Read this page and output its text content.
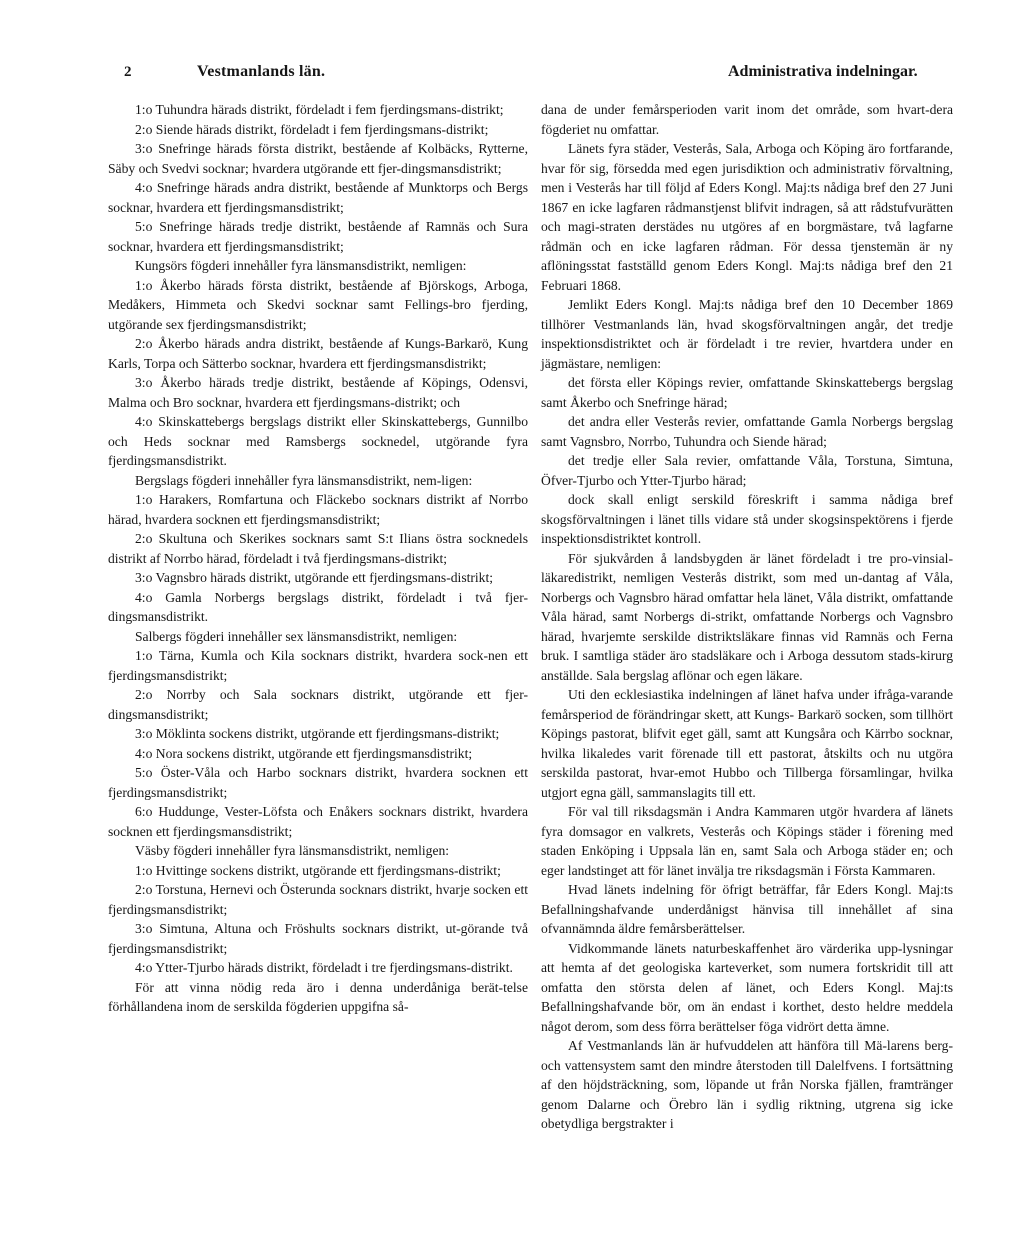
2	Vestmanlands län.	Administrativa indelningar.

1:o Tuhundra härads distrikt, fördeladt i fem fjerdingsmans-distrikt;

2:o Siende härads distrikt, fördeladt i fem fjerdingsmans-distrikt;

3:o Snefringe härads första distrikt, bestående af Kolbäcks, Rytterne, Säby och Svedvi socknar; hvardera utgörande ett fjer-dingsmansdistrikt;

4:o Snefringe härads andra distrikt, bestående af Munktorps och Bergs socknar, hvardera ett fjerdingsmansdistrikt;

5:o Snefringe härads tredje distrikt, bestående af Ramnäs och Sura socknar, hvardera ett fjerdingsmansdistrikt;

Kungsörs fögderi innehåller fyra länsmansdistrikt, nemligen:

1:o Åkerbo härads första distrikt, bestående af Björskogs, Arboga, Medåkers, Himmeta och Skedvi socknar samt Fellings-bro fjerding, utgörande sex fjerdingsmansdistrikt;

2:o Åkerbo härads andra distrikt, bestående af Kungs-Barkarö, Kung Karls, Torpa och Sätterbo socknar, hvardera ett fjerdingsmansdistrikt;

3:o Åkerbo härads tredje distrikt, bestående af Köpings, Odensvi, Malma och Bro socknar, hvardera ett fjerdingsmans-distrikt; och

4:o Skinskattebergs bergslags distrikt eller Skinskattebergs, Gunnilbo och Heds socknar med Ramsbergs socknedel, utgörande fyra fjerdingsmansdistrikt.

Bergslags fögderi innehåller fyra länsmansdistrikt, nem-ligen:

1:o Harakers, Romfartuna och Fläckebo socknars distrikt af Norrbo härad, hvardera socknen ett fjerdingsmansdistrikt;

2:o Skultuna och Skerikes socknars samt S:t Ilians östra socknedels distrikt af Norrbo härad, fördeladt i två fjerdingsmans-distrikt;

3:o Vagnsbro härads distrikt, utgörande ett fjerdingsmans-distrikt;

4:o Gamla Norbergs bergslags distrikt, fördeladt i två fjer-dingsmansdistrikt.

Salbergs fögderi innehåller sex länsmansdistrikt, nemligen:

1:o Tärna, Kumla och Kila socknars distrikt, hvardera sock-nen ett fjerdingsmansdistrikt;

2:o Norrby och Sala socknars distrikt, utgörande ett fjer-dingsmansdistrikt;

3:o Möklinta sockens distrikt, utgörande ett fjerdingsmans-distrikt;

4:o Nora sockens distrikt, utgörande ett fjerdingsmansdistrikt;

5:o Öster-Våla och Harbo socknars distrikt, hvardera socknen ett fjerdingsmansdistrikt;

6:o Huddunge, Vester-Löfsta och Enåkers socknars distrikt, hvardera socknen ett fjerdingsmansdistrikt;

Väsby fögderi innehåller fyra länsmansdistrikt, nemligen:

1:o Hvittinge sockens distrikt, utgörande ett fjerdingsmans-distrikt;

2:o Torstuna, Hernevi och Österunda socknars distrikt, hvarje socken ett fjerdingsmansdistrikt;

3:o Simtuna, Altuna och Fröshults socknars distrikt, ut-görande två fjerdingsmansdistrikt;

4:o Ytter-Tjurbo härads distrikt, fördeladt i tre fjerdingsmans-distrikt.

För att vinna nödig reda äro i denna underdåniga berät-telse förhållandena inom de serskilda fögderien uppgifna så-

dana de under femårsperioden varit inom det område, som hvart-dera fögderiet nu omfattar.

Länets fyra städer, Vesterås, Sala, Arboga och Köping äro fortfarande, hvar för sig, försedda med egen jurisdiktion och administrativ förvaltning, men i Vesterås har till följd af Eders Kongl. Maj:ts nådiga bref den 27 Juni 1867 en icke lagfaren rådmanstjenst blifvit indragen, så att rådstufvurätten och magi-straten derstädes nu utgöres af en borgmästare, två lagfarne rådmän och en icke lagfaren rådman. För dessa tjenstemän är ny aflöningsstat fastställd genom Eders Kongl. Maj:ts nådiga bref den 21 Februari 1868.

Jemlikt Eders Kongl. Maj:ts nådiga bref den 10 December 1869 tillhörer Vestmanlands län, hvad skogsförvaltningen angår, det tredje inspektionsdistriktet och är fördeladt i tre revier, hvartdera under en jägmästare, nemligen:

det första eller Köpings revier, omfattande Skinskattebergs bergslag samt Åkerbo och Snefringe härad;

det andra eller Vesterås revier, omfattande Gamla Norbergs bergslag samt Vagnsbro, Norrbo, Tuhundra och Siende härad;

det tredje eller Sala revier, omfattande Våla, Torstuna, Simtuna, Öfver-Tjurbo och Ytter-Tjurbo härad;

dock skall enligt serskild föreskrift i samma nådiga bref skogsförvaltningen i länet tills vidare stå under skogsinspektörens i fjerde inspektionsdistriktet kontroll.

För sjukvården å landsbygden är länet fördeladt i tre pro-vinsial-läkaredistrikt, nemligen Vesterås distrikt, som med un-dantag af Våla, Norbergs och Vagnsbro härad omfattar hela länet, Våla distrikt, omfattande Våla härad, samt Norbergs di-strikt, omfattande Norbergs och Vagnsbro härad, hvarjemte serskilde distriktsläkare finnas vid Ramnäs och Ferna bruk. I samtliga städer äro stadsläkare och i Arboga dessutom stads-kirurg anställde. Sala bergslag aflönar och egen läkare.

Uti den ecklesiastika indelningen af länet hafva under ifråga-varande femårsperiod de förändringar skett, att Kungs- Barkarö socken, som tillhört Köpings pastorat, blifvit eget gäll, samt att Kungsåra och Kärrbo socknar, hvilka likaledes varit förenade till ett pastorat, åtskilts och nu utgöra serskilda pastorat, hvar-emot Hubbo och Tillberga församlingar, hvilka utgjort egna gäll, sammanslagits till ett.

För val till riksdagsmän i Andra Kammaren utgör hvardera af länets fyra domsagor en valkrets, Vesterås och Köpings städer i förening med staden Enköping i Uppsala län en, samt Sala och Arboga städer en; och eger landstinget att för länet invälja tre riksdagsmän i Första Kammaren.

Hvad länets indelning för öfrigt beträffar, får Eders Kongl. Maj:ts Befallningshafvande underdånigst hänvisa till innehållet af sina ofvannämnda äldre femårsberättelser.

Vidkommande länets naturbeskaffenhet äro värderika upp-lysningar att hemta af det geologiska karteverket, som numera fortskridit till att omfatta den största delen af länet, och Eders Kongl. Maj:ts Befallningshafvande bör, om än endast i korthet, desto heldre meddela något derom, som dess förra berättelser föga vidrört detta ämne.

Af Vestmanlands län är hufvuddelen att hänföra till Mä-larens berg- och vattensystem samt den mindre återstoden till Dalelfvens. I fortsättning af den höjdsträckning, som, löpande ut från Norska fjällen, framtränger genom Dalarne och Örebro län i sydlig riktning, utgrena sig icke obetydliga bergstrakter i
